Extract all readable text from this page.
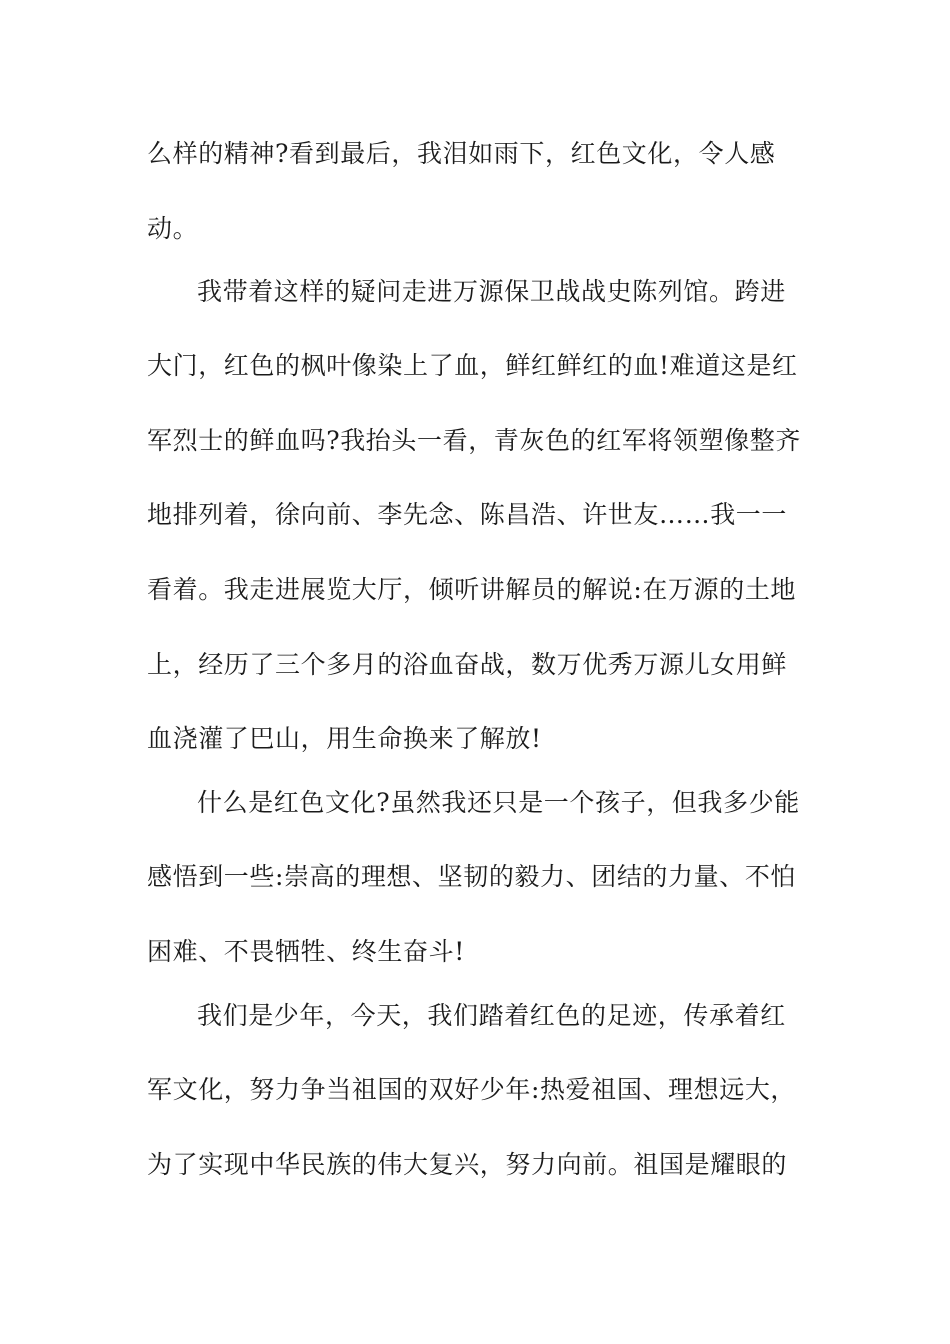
么样的精神?看到最后，我泪如雨下，红色文化，令人感
动。
我带着这样的疑问走进万源保卫战战史陈列馆。跨进
大门，红色的枫叶像染上了血，鲜红鲜红的血!难道这是红
军烈士的鲜血吗?我抬头一看，青灰色的红军将领塑像整齐
地排列着，徐向前、李先念、陈昌浩、许世友……我一一
看着。我走进展览大厅，倾听讲解员的解说:在万源的土地
上，经历了三个多月的浴血奋战，数万优秀万源儿女用鲜
血浇灌了巴山，用生命换来了解放!
什么是红色文化?虽然我还只是一个孩子，但我多少能
感悟到一些:崇高的理想、坚韧的毅力、团结的力量、不怕
困难、不畏牺牲、终生奋斗!
我们是少年，今天，我们踏着红色的足迹，传承着红
军文化，努力争当祖国的双好少年:热爱祖国、理想远大，
为了实现中华民族的伟大复兴，努力向前。祖国是耀眼的
